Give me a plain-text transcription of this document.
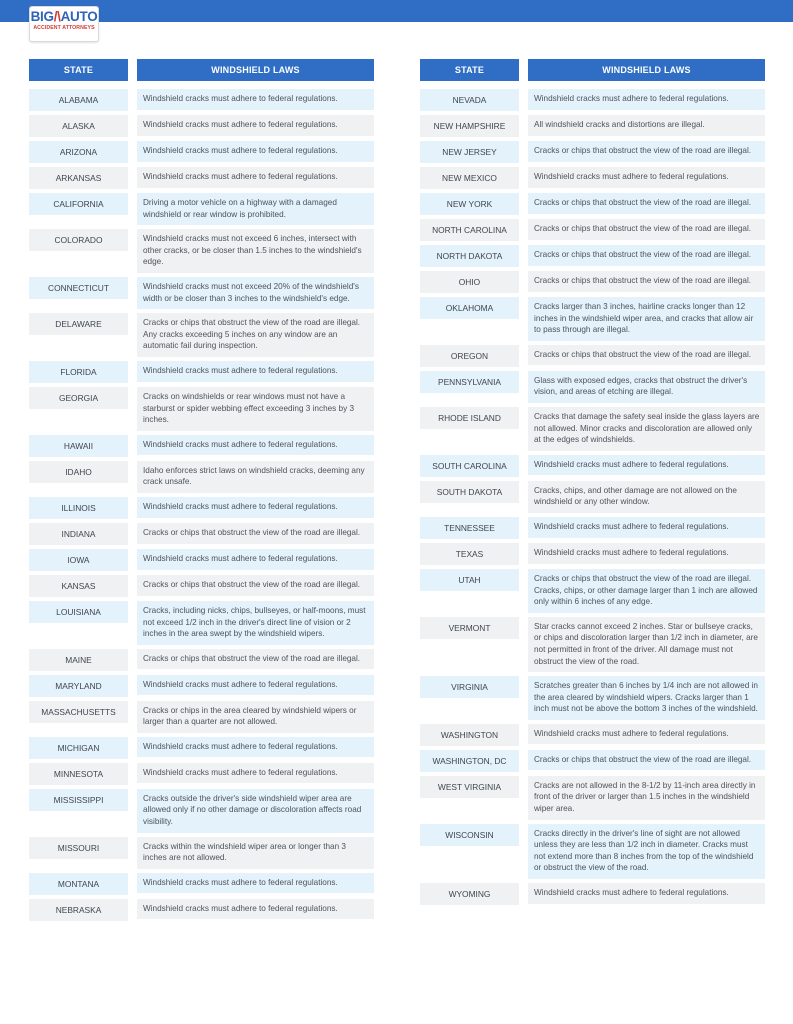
BIG/\AUTO
ACCIDENT ATTORNEYS
STATE	WINDSHIELD LAWS
ALABAMA	Windshield cracks must adhere to federal regulations.
ALASKA	Windshield cracks must adhere to federal regulations.
ARIZONA	Windshield cracks must adhere to federal regulations.
ARKANSAS	Windshield cracks must adhere to federal regulations.
CALIFORNIA	Driving a motor vehicle on a highway with a damaged windshield or rear window is prohibited.
COLORADO	Windshield cracks must not exceed 6 inches, intersect with other cracks, or be closer than 1.5 inches to the windshield's edge.
CONNECTICUT	Windshield cracks must not exceed 20% of the windshield's width or be closer than 3 inches to the windshield's edge.
DELAWARE	Cracks or chips that obstruct the view of the road are illegal. Any cracks exceeding 5 inches on any window are an automatic fail during inspection.
FLORIDA	Windshield cracks must adhere to federal regulations.
GEORGIA	Cracks on windshields or rear windows must not have a starburst or spider webbing effect exceeding 3 inches by 3 inches.
HAWAII	Windshield cracks must adhere to federal regulations.
IDAHO	Idaho enforces strict laws on windshield cracks, deeming any crack unsafe.
ILLINOIS	Windshield cracks must adhere to federal regulations.
INDIANA	Cracks or chips that obstruct the view of the road are illegal.
IOWA	Windshield cracks must adhere to federal regulations.
KANSAS	Cracks or chips that obstruct the view of the road are illegal.
LOUISIANA	Cracks, including nicks, chips, bullseyes, or half-moons, must not exceed 1/2 inch in the driver's direct line of vision or 2 inches in the area swept by the windshield wipers.
MAINE	Cracks or chips that obstruct the view of the road are illegal.
MARYLAND	Windshield cracks must adhere to federal regulations.
MASSACHUSETTS	Cracks or chips in the area cleared by windshield wipers or larger than a quarter are not allowed.
MICHIGAN	Windshield cracks must adhere to federal regulations.
MINNESOTA	Windshield cracks must adhere to federal regulations.
MISSISSIPPI	Cracks outside the driver's side windshield wiper area are allowed only if no other damage or discoloration affects road visibility.
MISSOURI	Cracks within the windshield wiper area or longer than 3 inches are not allowed.
MONTANA	Windshield cracks must adhere to federal regulations.
NEBRASKA	Windshield cracks must adhere to federal regulations.
STATE	WINDSHIELD LAWS
NEVADA	Windshield cracks must adhere to federal regulations.
NEW HAMPSHIRE	All windshield cracks and distortions are illegal.
NEW JERSEY	Cracks or chips that obstruct the view of the road are illegal.
NEW MEXICO	Windshield cracks must adhere to federal regulations.
NEW YORK	Cracks or chips that obstruct the view of the road are illegal.
NORTH CAROLINA	Cracks or chips that obstruct the view of the road are illegal.
NORTH DAKOTA	Cracks or chips that obstruct the view of the road are illegal.
OHIO	Cracks or chips that obstruct the view of the road are illegal.
OKLAHOMA	Cracks larger than 3 inches, hairline cracks longer than 12 inches in the windshield wiper area, and cracks that allow air to pass through are illegal.
OREGON	Cracks or chips that obstruct the view of the road are illegal.
PENNSYLVANIA	Glass with exposed edges, cracks that obstruct the driver's vision, and areas of etching are illegal.
RHODE ISLAND	Cracks that damage the safety seal inside the glass layers are not allowed. Minor cracks and discoloration are allowed only at the edges of windshields.
SOUTH CAROLINA	Windshield cracks must adhere to federal regulations.
SOUTH DAKOTA	Cracks, chips, and other damage are not allowed on the windshield or any other window.
TENNESSEE	Windshield cracks must adhere to federal regulations.
TEXAS	Windshield cracks must adhere to federal regulations.
UTAH	Cracks or chips that obstruct the view of the road are illegal. Cracks, chips, or other damage larger than 1 inch are allowed only within 6 inches of any edge.
VERMONT	Star cracks cannot exceed 2 inches. Star or bullseye cracks, or chips and discoloration larger than 1/2 inch in diameter, are not permitted in front of the driver. All damage must not obstruct the view of the road.
VIRGINIA	Scratches greater than 6 inches by 1/4 inch are not allowed in the area cleared by windshield wipers. Cracks larger than 1 inch must not be above the bottom 3 inches of the windshield.
WASHINGTON	Windshield cracks must adhere to federal regulations.
WASHINGTON, DC	Cracks or chips that obstruct the view of the road are illegal.
WEST VIRGINIA	Cracks are not allowed in the 8-1/2 by 11-inch area directly in front of the driver or larger than 1.5 inches in the windshield wiper area.
WISCONSIN	Cracks directly in the driver's line of sight are not allowed unless they are less than 1/2 inch in diameter. Cracks must not extend more than 8 inches from the top of the windshield or obstruct the view of the road.
WYOMING	Windshield cracks must adhere to federal regulations.
